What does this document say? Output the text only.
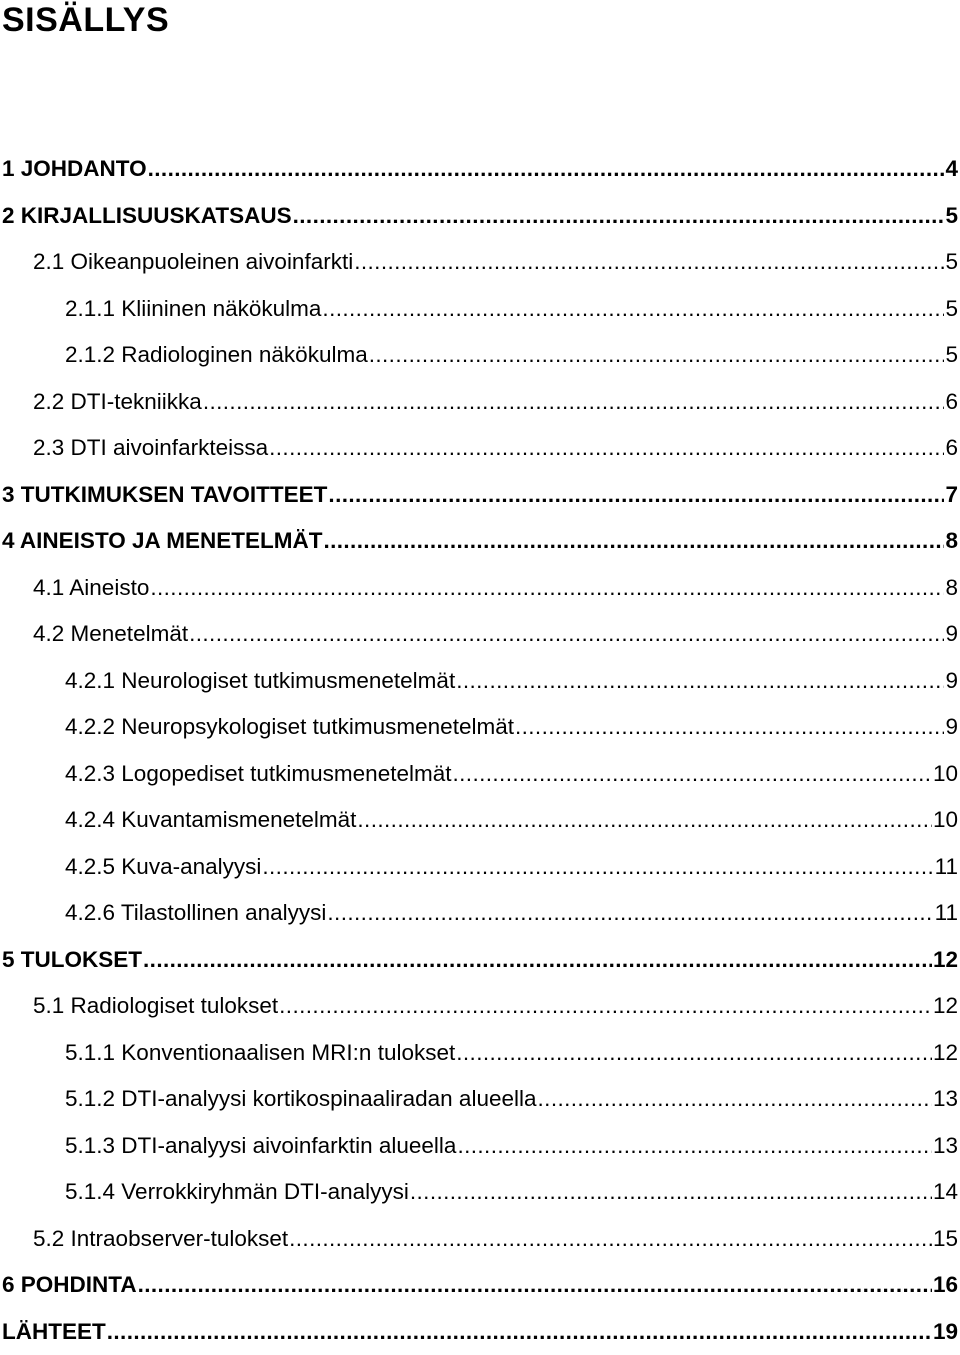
SISÄLLYS
1 JOHDANTO .....	4
2 KIRJALLISUUSKATSAUS .....	5
2.1 Oikeanpuoleinen aivoinfarkti .....	5
2.1.1 Kliininen näkökulma .....	5
2.1.2 Radiologinen näkökulma .....	5
2.2 DTI-tekniikka .....	6
2.3 DTI aivoinfarkteissa .....	6
3 TUTKIMUKSEN TAVOITTEET .....	7
4 AINEISTO JA MENETELMÄT .....	8
4.1 Aineisto .....	8
4.2 Menetelmät .....	9
4.2.1 Neurologiset tutkimusmenetelmät .....	9
4.2.2 Neuropsykologiset tutkimusmenetelmät .....	9
4.2.3 Logopediset tutkimusmenetelmät .....	10
4.2.4 Kuvantamismenetelmät .....	10
4.2.5 Kuva-analyysi .....	11
4.2.6 Tilastollinen analyysi .....	11
5 TULOKSET .....	12
5.1 Radiologiset tulokset .....	12
5.1.1 Konventionaalisen MRI:n tulokset .....	12
5.1.2 DTI-analyysi kortikospinaaliradan alueella .....	13
5.1.3 DTI-analyysi aivoinfarktin alueella .....	13
5.1.4 Verrokkiryhmän DTI-analyysi .....	14
5.2 Intraobserver-tulokset .....	15
6 POHDINTA .....	16
LÄHTEET .....	19
